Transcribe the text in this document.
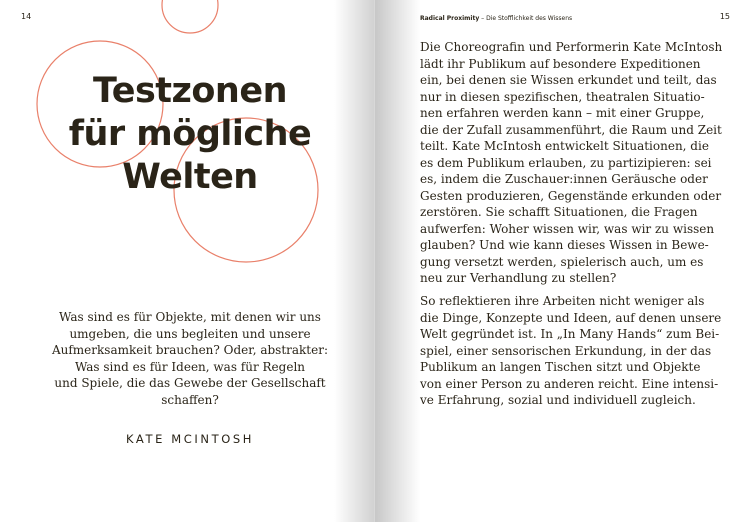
14
Testzonen
für mögliche
Welten
Was sind es für Objekte, mit denen wir uns
umgeben, die uns begleiten und unsere
Aufmerksamkeit brauchen? Oder, abstrakter:
Was sind es für Ideen, was für Regeln
und Spiele, die das Gewebe der Gesellschaft
schaffen?
KATE MCINTOSH
15
Radical Proximity – Die Stofflichkeit des Wissens
Die Choreografin und Performerin Kate McIntosh
lädt ihr Publikum auf besondere Expeditionen
ein, bei denen sie Wissen erkundet und teilt, das
nur in diesen spezifischen, theatralen Situatio-
nen erfahren werden kann – mit einer Gruppe,
die der Zufall zusammenführt, die Raum und Zeit
teilt. Kate McIntosh entwickelt Situationen, die
es dem Publikum erlauben, zu partizipieren: sei
es, indem die Zuschauer:innen Geräusche oder
Gesten produzieren, Gegenstände erkunden oder
zerstören. Sie schafft Situationen, die Fragen
aufwerfen: Woher wissen wir, was wir zu wissen
glauben? Und wie kann dieses Wissen in Bewe-
gung versetzt werden, spielerisch auch, um es
neu zur Verhandlung zu stellen?
So reflektieren ihre Arbeiten nicht weniger als
die Dinge, Konzepte und Ideen, auf denen unsere
Welt gegründet ist. In „In Many Hands“ zum Bei-
spiel, einer sensorischen Erkundung, in der das
Publikum an langen Tischen sitzt und Objekte
von einer Person zu anderen reicht. Eine intensi-
ve Erfahrung, sozial und individuell zugleich.
